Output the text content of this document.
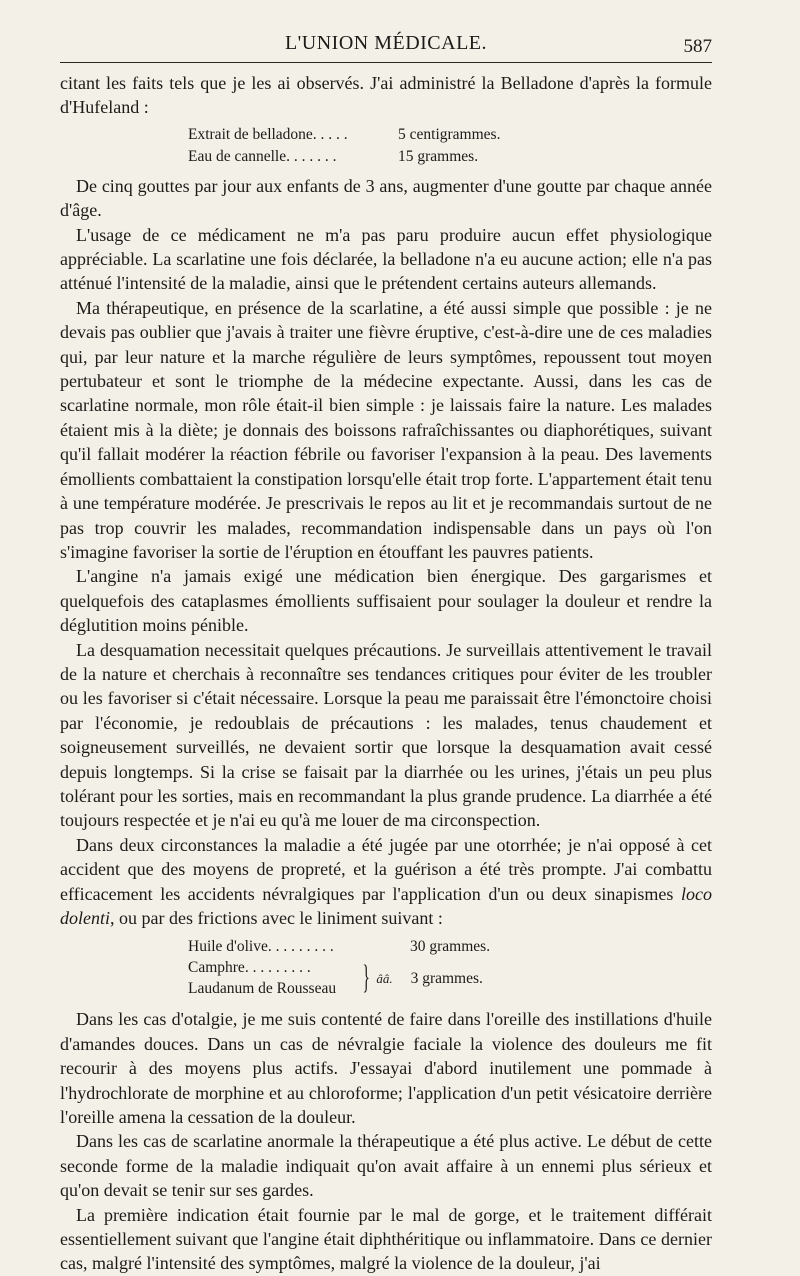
L'UNION MÉDICALE.	587

citant les faits tels que je les ai observés. J'ai administré la Belladone d'après la formule d'Hufeland :

Extrait de belladone. . . . .	5 centigrammes.
Eau de cannelle. . . . . . .	15 grammes.

De cinq gouttes par jour aux enfants de 3 ans, augmenter d'une goutte par chaque année d'âge.

L'usage de ce médicament ne m'a pas paru produire aucun effet physiologique appréciable. La scarlatine une fois déclarée, la belladone n'a eu aucune action; elle n'a pas atténué l'intensité de la maladie, ainsi que le prétendent certains auteurs allemands.

Ma thérapeutique, en présence de la scarlatine, a été aussi simple que possible : je ne devais pas oublier que j'avais à traiter une fièvre éruptive, c'est-à-dire une de ces maladies qui, par leur nature et la marche régulière de leurs symptômes, repoussent tout moyen pertubateur et sont le triomphe de la médecine expectante. Aussi, dans les cas de scarlatine normale, mon rôle était-il bien simple : je laissais faire la nature. Les malades étaient mis à la diète; je donnais des boissons rafraîchissantes ou diaphorétiques, suivant qu'il fallait modérer la réaction fébrile ou favoriser l'expansion à la peau. Des lavements émollients combattaient la constipation lorsqu'elle était trop forte. L'appartement était tenu à une température modérée. Je prescrivais le repos au lit et je recommandais surtout de ne pas trop couvrir les malades, recommandation indispensable dans un pays où l'on s'imagine favoriser la sortie de l'éruption en étouffant les pauvres patients.

L'angine n'a jamais exigé une médication bien énergique. Des gargarismes et quelquefois des cataplasmes émollients suffisaient pour soulager la douleur et rendre la déglutition moins pénible.

La desquamation necessitait quelques précautions. Je surveillais attentivement le travail de la nature et cherchais à reconnaître ses tendances critiques pour éviter de les troubler ou les favoriser si c'était nécessaire. Lorsque la peau me paraissait être l'émonctoire choisi par l'économie, je redoublais de précautions : les malades, tenus chaudement et soigneusement surveillés, ne devaient sortir que lorsque la desquamation avait cessé depuis longtemps. Si la crise se faisait par la diarrhée ou les urines, j'étais un peu plus tolérant pour les sorties, mais en recommandant la plus grande prudence. La diarrhée a été toujours respectée et je n'ai eu qu'à me louer de ma circonspection.

Dans deux circonstances la maladie a été jugée par une otorrhée; je n'ai opposé à cet accident que des moyens de propreté, et la guérison a été très prompte. J'ai combattu efficacement les accidents névralgiques par l'application d'un ou deux sinapismes loco dolenti, ou par des frictions avec le liniment suivant :

Huile d'olive. . . . . . . . .	30 grammes.
Camphre. . . . . . . . .
Laudanum de Rousseau } ââ. 3 grammes.

Dans les cas d'otalgie, je me suis contenté de faire dans l'oreille des instillations d'huile d'amandes douces. Dans un cas de névralgie faciale la violence des douleurs me fit recourir à des moyens plus actifs. J'essayai d'abord inutilement une pommade à l'hydrochlorate de morphine et au chloroforme; l'application d'un petit vésicatoire derrière l'oreille amena la cessation de la douleur.

Dans les cas de scarlatine anormale la thérapeutique a été plus active. Le début de cette seconde forme de la maladie indiquait qu'on avait affaire à un ennemi plus sérieux et qu'on devait se tenir sur ses gardes.

La première indication était fournie par le mal de gorge, et le traitement différait essentiellement suivant que l'angine était diphthéritique ou inflammatoire. Dans ce dernier cas, malgré l'intensité des symptômes, malgré la violence de la douleur, j'ai
